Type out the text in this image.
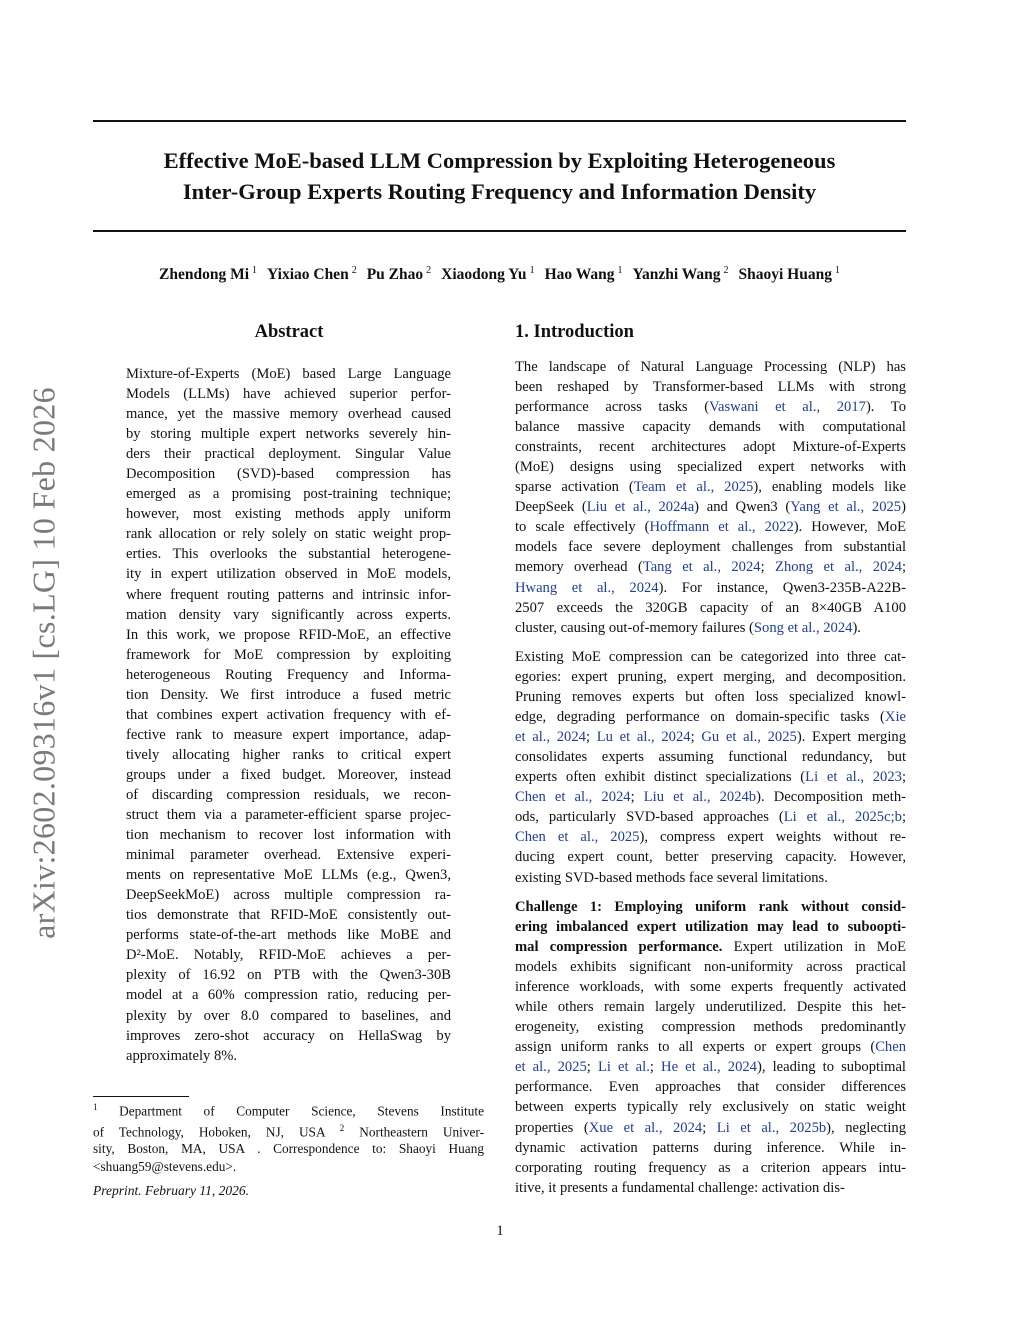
arXiv:2602.09316v1 [cs.LG] 10 Feb 2026
Effective MoE-based LLM Compression by Exploiting Heterogeneous
Inter-Group Experts Routing Frequency and Information Density
Zhendong Mi $^1$ Yixiao Chen $^2$ Pu Zhao $^2$ Xiaodong Yu $^1$ Hao Wang $^1$ Yanzhi Wang $^2$ Shaoyi Huang $^1$
Abstract
Mixture-of-Experts (MoE) based Large Language
Models (LLMs) have achieved superior perfor-
mance, yet the massive memory overhead caused
by storing multiple expert networks severely hin-
ders their practical deployment. Singular Value
Decomposition (SVD)-based compression has
emerged as a promising post-training technique;
however, most existing methods apply uniform
rank allocation or rely solely on static weight prop-
erties. This overlooks the substantial heterogene-
ity in expert utilization observed in MoE models,
where frequent routing patterns and intrinsic infor-
mation density vary significantly across experts.
In this work, we propose RFID-MoE, an effective
framework for MoE compression by exploiting
heterogeneous Routing Frequency and Informa-
tion Density. We first introduce a fused metric
that combines expert activation frequency with ef-
fective rank to measure expert importance, adap-
tively allocating higher ranks to critical expert
groups under a fixed budget. Moreover, instead
of discarding compression residuals, we recon-
struct them via a parameter-efficient sparse projec-
tion mechanism to recover lost information with
minimal parameter overhead. Extensive experi-
ments on representative MoE LLMs (e.g., Qwen3,
DeepSeekMoE) across multiple compression ra-
tios demonstrate that RFID-MoE consistently out-
performs state-of-the-art methods like MoBE and
D²-MoE. Notably, RFID-MoE achieves a per-
plexity of 16.92 on PTB with the Qwen3-30B
model at a 60% compression ratio, reducing per-
plexity by over 8.0 compared to baselines, and
improves zero-shot accuracy on HellaSwag by
approximately 8%.
$^1$ Department of Computer Science, Stevens Institute
of Technology, Hoboken, NJ, USA $^2$ Northeastern Univer-
sity, Boston, MA, USA . Correspondence to: Shaoyi Huang
<shuang59@stevens.edu>.
Preprint. February 11, 2026.
1. Introduction
The landscape of Natural Language Processing (NLP) has
been reshaped by Transformer-based LLMs with strong
performance across tasks (Vaswani et al., 2017). To
balance massive capacity demands with computational
constraints, recent architectures adopt Mixture-of-Experts
(MoE) designs using specialized expert networks with
sparse activation (Team et al., 2025), enabling models like
DeepSeek (Liu et al., 2024a) and Qwen3 (Yang et al., 2025)
to scale effectively (Hoffmann et al., 2022). However, MoE
models face severe deployment challenges from substantial
memory overhead (Tang et al., 2024; Zhong et al., 2024;
Hwang et al., 2024). For instance, Qwen3-235B-A22B-
2507 exceeds the 320GB capacity of an 8×40GB A100
cluster, causing out-of-memory failures (Song et al., 2024).
Existing MoE compression can be categorized into three cat-
egories: expert pruning, expert merging, and decomposition.
Pruning removes experts but often loss specialized knowl-
edge, degrading performance on domain-specific tasks (Xie
et al., 2024; Lu et al., 2024; Gu et al., 2025). Expert merging
consolidates experts assuming functional redundancy, but
experts often exhibit distinct specializations (Li et al., 2023;
Chen et al., 2024; Liu et al., 2024b). Decomposition meth-
ods, particularly SVD-based approaches (Li et al., 2025c;b;
Chen et al., 2025), compress expert weights without re-
ducing expert count, better preserving capacity. However,
existing SVD-based methods face several limitations.
Challenge 1: Employing uniform rank without consid-
ering imbalanced expert utilization may lead to suboopti-
mal compression performance. Expert utilization in MoE
models exhibits significant non-uniformity across practical
inference workloads, with some experts frequently activated
while others remain largely underutilized. Despite this het-
erogeneity, existing compression methods predominantly
assign uniform ranks to all experts or expert groups (Chen
et al., 2025; Li et al.; He et al., 2024), leading to suboptimal
performance. Even approaches that consider differences
between experts typically rely exclusively on static weight
properties (Xue et al., 2024; Li et al., 2025b), neglecting
dynamic activation patterns during inference. While in-
corporating routing frequency as a criterion appears intu-
itive, it presents a fundamental challenge: activation dis-
1
